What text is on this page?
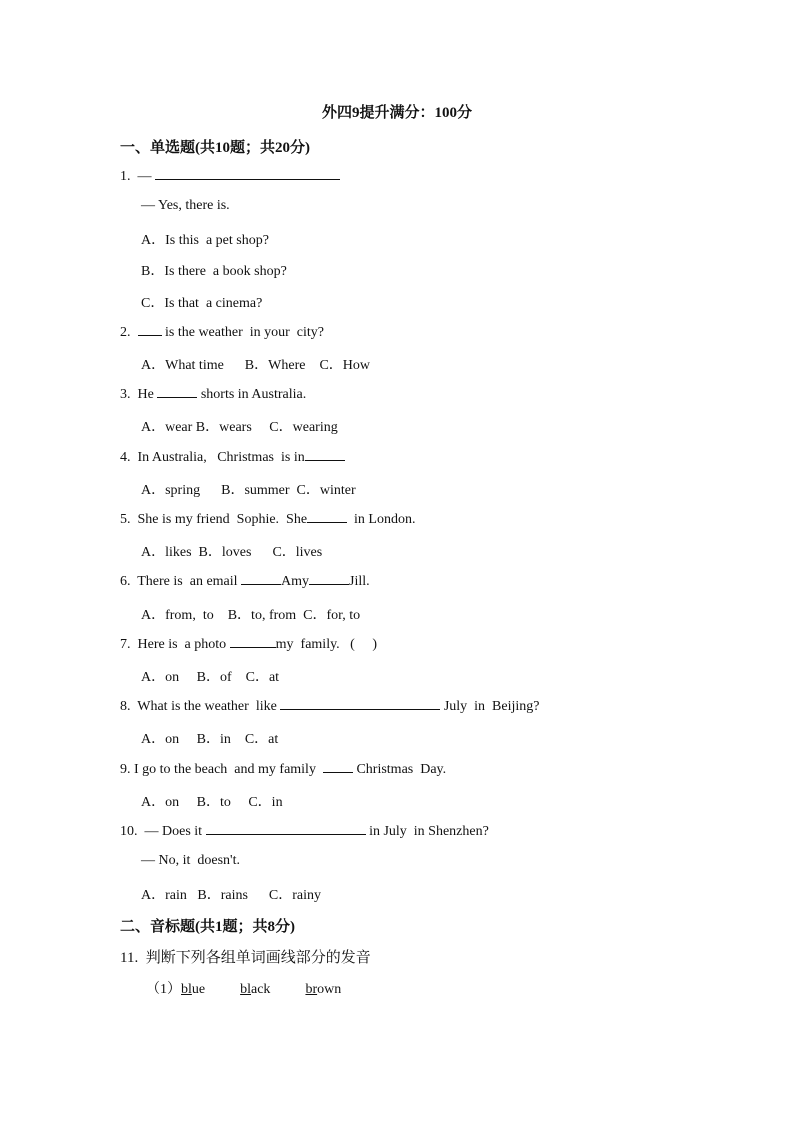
外四9提升满分：100分
一、单选题(共10题；共20分)
1. —
— Yes, there is.
A．Is this  a pet shop?
B．Is there  a book shop?
C．Is that  a cinema?
2.   is the weather  in your  city?
A．What time      B．Where    C．How
3. He	shorts in Australia.
A．wear B．wears     C．wearing
4. In Australia,   Christmas  is in
A．spring      B．summer  C．winter
5. She is my friend  Sophie.  She	in London.
A．likes  B．loves      C．lives
6. There is  an email	Amy	Jill.
A．from,  to    B．to, from  C．for, to
7. Here is  a photo	my  family.   (     )
A．on     B．of    C．at
8. What is the weather  like	July  in  Beijing?
A．on     B．in    C．at
9. I go to the beach  and my family   Christmas  Day.
A．on     B．to     C．in
10. — Does it	in July  in Shenzhen?
— No, it  doesn't.
A．rain   B．rains      C．rainy
二、音标题(共1题；共8分)
11. 判断下列各组单词画线部分的发音
（1）blue	black	brown
